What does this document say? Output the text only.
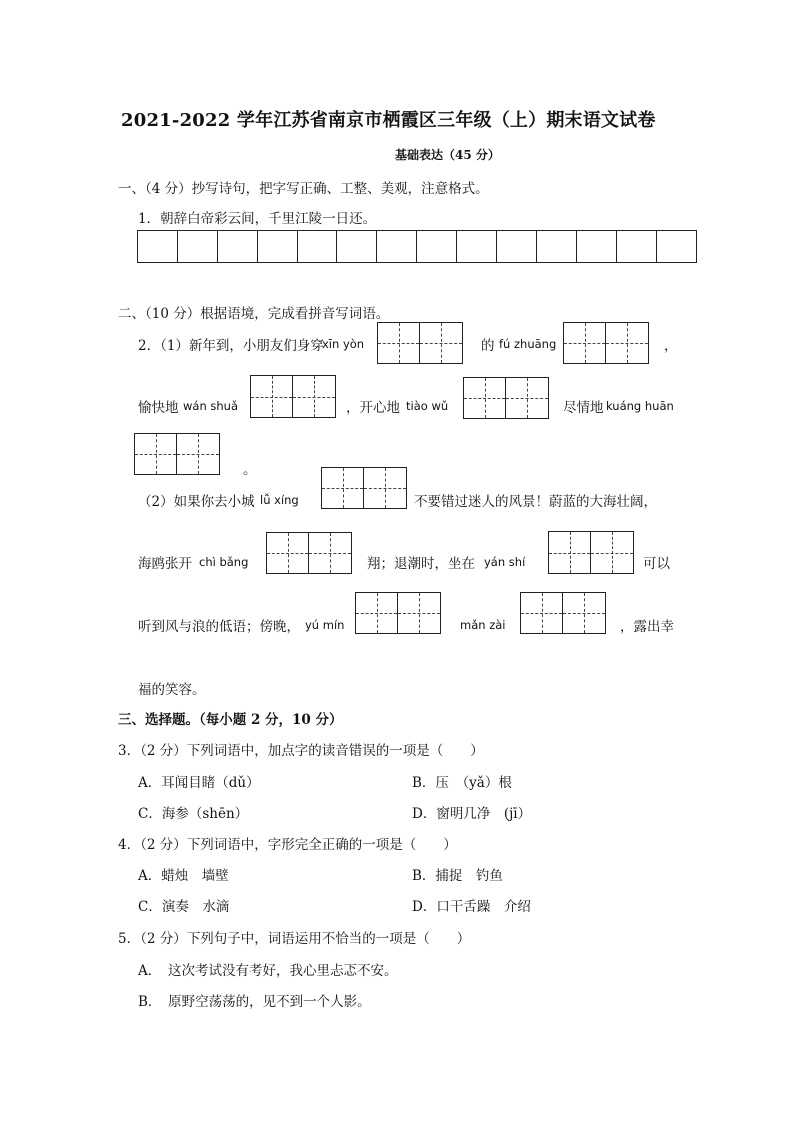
2021-2022 学年江苏省南京市栖霞区三年级（上）期末语文试卷
基础表达（45 分）
一、（4 分）抄写诗句，把字写正确、工整、美观，注意格式。
1．朝辞白帝彩云间，千里江陵一日还。
二、（10 分）根据语境，完成看拼音写词语。
2．（1）新年到，小朋友们身穿
xīn yòn	的 fú zhuāng	，
愉快地 wán shuǎ	，开心地 tiào wǔ	尽情地 kuáng huān
。
（2）如果你去小城 lǚ xíng	不要错过迷人的风景！蔚蓝的大海壮阔，
海鸥张开 chì bǎng	翔；退潮时，坐在 yán shí	可以
听到风与浪的低语；傍晚， yú mín	mǎn zài	，露出幸
福的笑容。
三、选择题。（每小题 2 分，10 分）
3．（2 分）下列词语中，加点字的读音错误的一项是（　　）
A．耳闻目睹（dǔ）	B．压　（yǎ）根
C．海参（shēn）	D．窗明几净　(jī）
4．（2 分）下列词语中，字形完全正确的一项是（　　）
A．蜡烛　墙壁	B．捕捉　钓鱼
C．演奏　水滴	D．口干舌躁　介绍
5．（2 分）下列句子中，词语运用不恰当的一项是（　　）
A．　这次考试没有考好，我心里忐忑不安。
B．　原野空荡荡的，见不到一个人影。
